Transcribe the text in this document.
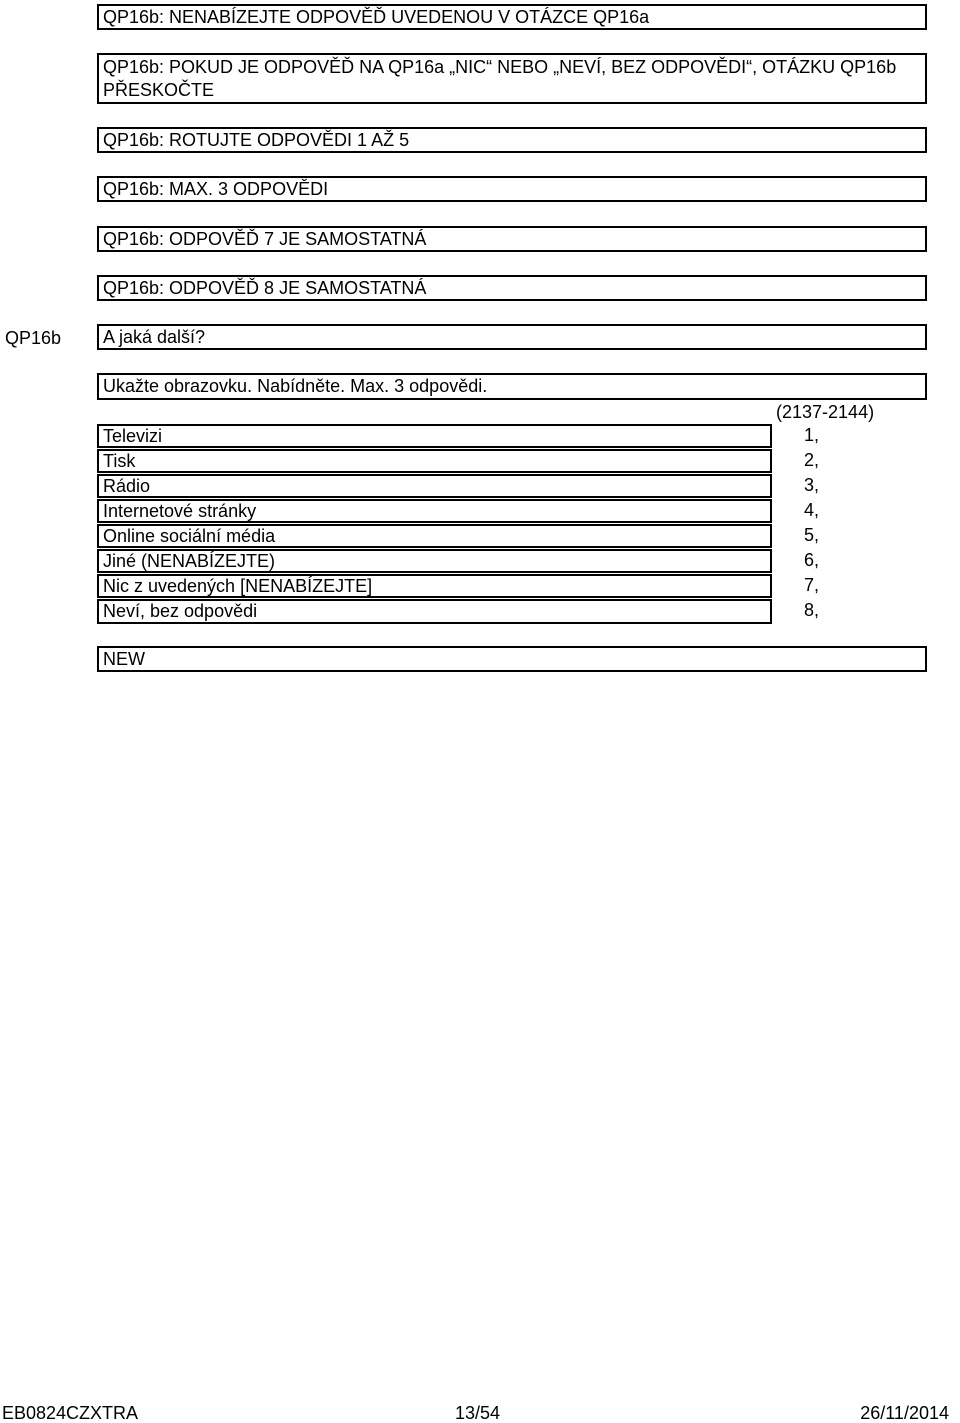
QP16b: NENABÍZEJTE ODPOVĚĎ UVEDENOU V OTÁZCE QP16a
QP16b: POKUD JE ODPOVĚĎ NA QP16a „NIC“ NEBO „NEVÍ, BEZ ODPOVĚDI“, OTÁZKU QP16b PŘESKOČTE
QP16b: ROTUJTE ODPOVĚDI 1 AŽ 5
QP16b: MAX. 3 ODPOVĚDI
QP16b: ODPOVĚĎ 7 JE SAMOSTATNÁ
QP16b: ODPOVĚĎ 8 JE SAMOSTATNÁ
QP16b	A jaká další?
Ukažte obrazovku. Nabídněte. Max. 3 odpovědi.
(2137-2144)
Televizi	1,
Tisk	2,
Rádio	3,
Internetové stránky	4,
Online sociální média	5,
Jiné (NENABÍZEJTE)	6,
Nic z uvedených [NENABÍZEJTE]	7,
Neví, bez odpovědi	8,
NEW
EB0824CZXTRA	13/54	26/11/2014
